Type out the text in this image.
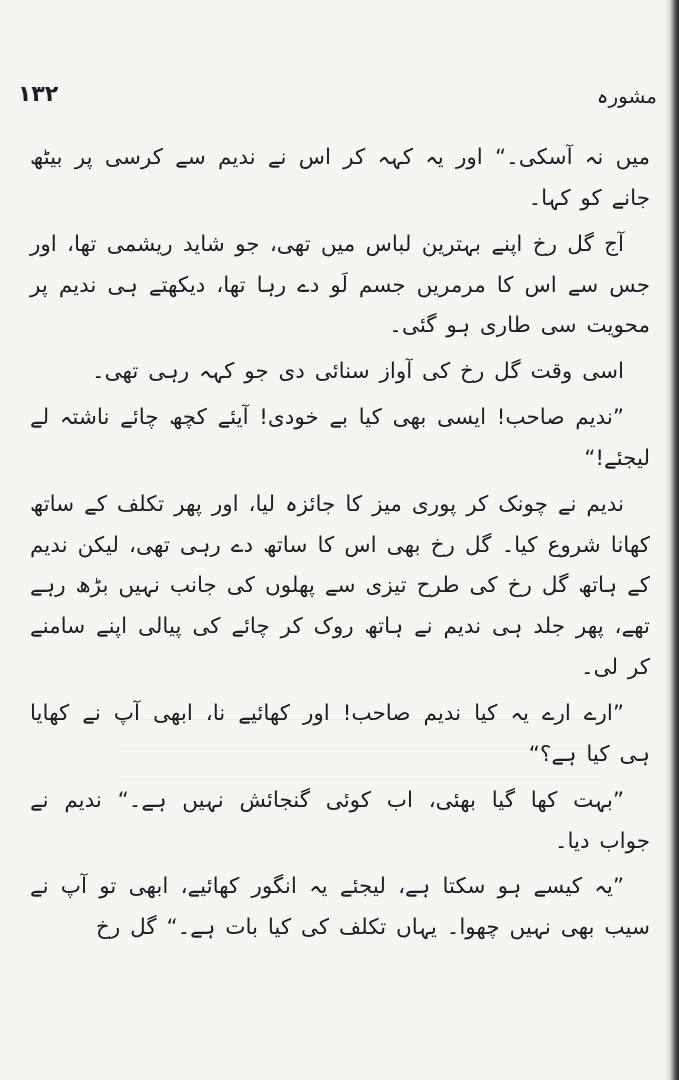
۱۳۲	مشورہ

میں نہ آسکی۔“ اور یہ کہہ کر اس نے ندیم سے کرسی پر بیٹھ جانے کو کہا۔

آج گل رخ اپنے بہترین لباس میں تھی، جو شاید ریشمی تھا، اور جس سے اس کا مرمریں جسم لَو دے رہا تھا، دیکھتے ہی ندیم پر محویت سی طاری ہو گئی۔

اسی وقت گل رخ کی آواز سنائی دی جو کہہ رہی تھی۔

”ندیم صاحب! ایسی بھی کیا بے خودی! آیئے کچھ چائے ناشتہ لے لیجئے!“

ندیم نے چونک کر پوری میز کا جائزہ لیا، اور پھر تکلف کے ساتھ کھانا شروع کیا۔ گل رخ بھی اس کا ساتھ دے رہی تھی، لیکن ندیم کے ہاتھ گل رخ کی طرح تیزی سے پھلوں کی جانب نہیں بڑھ رہے تھے، پھر جلد ہی ندیم نے ہاتھ روک کر چائے کی پیالی اپنے سامنے کر لی۔

”ارے ارے یہ کیا ندیم صاحب! اور کھائیے نا، ابھی آپ نے کھایا ہی کیا ہے؟“

”بہت کھا گیا بھئی، اب کوئی گنجائش نہیں ہے۔“ ندیم نے جواب دیا۔

”یہ کیسے ہو سکتا ہے، لیجئے یہ انگور کھائیے، ابھی تو آپ نے سیب بھی نہیں چھوا۔ یہاں تکلف کی کیا بات ہے۔“ گل رخ
